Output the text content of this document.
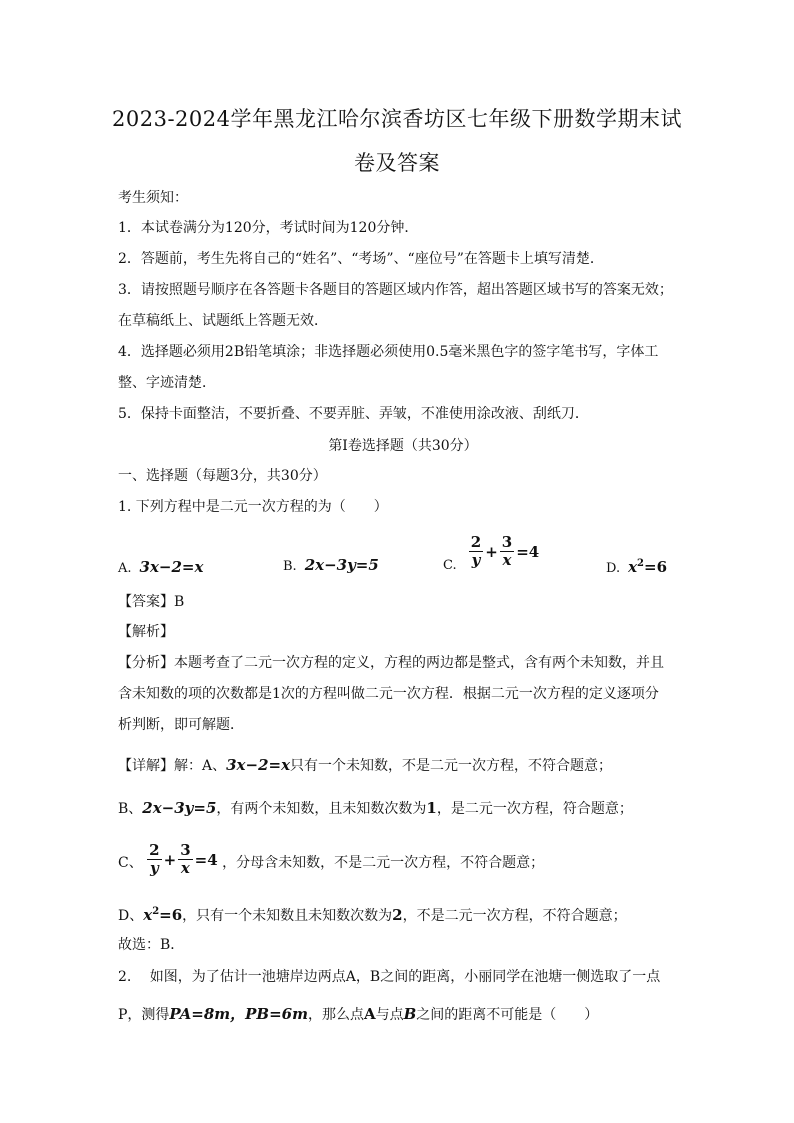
2023-2024学年黑龙江哈尔滨香坊区七年级下册数学期末试
卷及答案
考生须知：
1．本试卷满分为120分，考试时间为120分钟．
2．答题前，考生先将自己的“姓名”、“考场”、“座位号”在答题卡上填写清楚．
3．请按照题号顺序在各答题卡各题目的答题区域内作答，超出答题区域书写的答案无效；
在草稿纸上、试题纸上答题无效．
4．选择题必须用2B铅笔填涂；非选择题必须使用0.5毫米黑色字的签字笔书写，字体工
整、字迹清楚．
5．保持卡面整洁，不要折叠、不要弄脏、弄皱，不准使用涂改液、刮纸刀．
第Ⅰ卷选择题（共30分）
一、选择题（每题3分，共30分）
1. 下列方程中是二元一次方程的为（　　）
A. 3x−2=x	B. 2x−3y=5	C. $\frac{2}{y} + \frac{3}{x} =4$
D. $x^2=6$
【答案】B
【解析】
【分析】本题考查了二元一次方程的定义，方程的两边都是整式，含有两个未知数，并且
含未知数的项的次数都是1次的方程叫做二元一次方程．根据二元一次方程的定义逐项分
析判断，即可解题．
【详解】解：A、3x−2=x只有一个未知数，不是二元一次方程，不符合题意；
B、2x−3y=5，有两个未知数，且未知数次数为1，是二元一次方程，符合题意；
C、 $\frac{2}{y} + \frac{3}{x} =4$ ，分母含未知数，不是二元一次方程，不符合题意；
D、$x^2=6$，只有一个未知数且未知数次数为2，不是二元一次方程，不符合题意；
故选：B．
2.　 如图，为了估计一池塘岸边两点A，B之间的距离，小丽同学在池塘一侧选取了一点
P，测得PA=8m，PB=6m，那么点A与点B之间的距离不可能是（　　）
